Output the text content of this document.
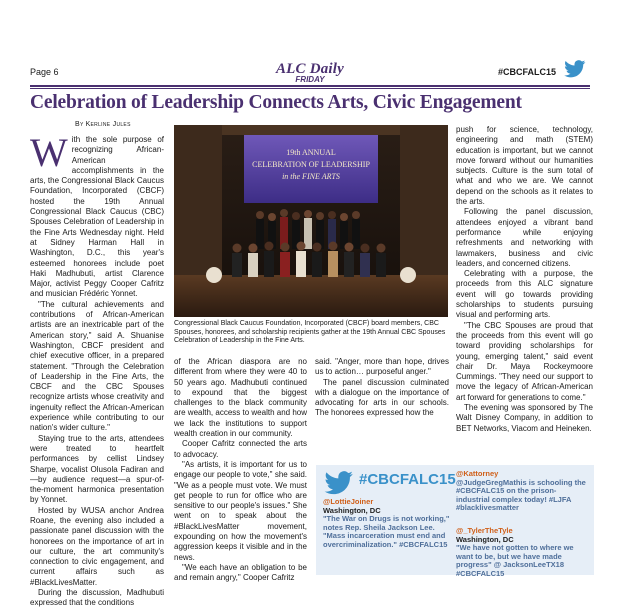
Page 6	ALC Daily
FRIDAY
#CBCFALC15
Celebration of Leadership Connects Arts, Civic Engagement
By Kerline Jules

With the sole purpose of recognizing African-American accomplishments in the arts, the Congressional Black Caucus Foundation, Incorporated (CBCF) hosted the 19th Annual Congressional Black Caucus (CBC) Spouses Celebration of Leadership in the Fine Arts Wednesday night. Held at Sidney Harman Hall in Washington, D.C., this year's esteemed honorees include poet Haki Madhubuti, artist Clarence Major, activist Peggy Cooper Cafritz and musician Frédéric Yonnet.

"The cultural achievements and contributions of African-American artists are an inextricable part of the American story," said A. Shuanise Washington, CBCF president and chief executive officer, in a prepared statement. "Through the Celebration of Leadership in the Fine Arts, the CBCF and the CBC Spouses recognize artists whose creativity and ingenuity reflect the African-American experience while contributing to our nation's wider culture."

Staying true to the arts, attendees were treated to heartfelt performances by cellist Lindsey Sharpe, vocalist Olusola Fadiran and—by audience request—a spur-of-the-moment harmonica presentation by Yonnet.

Hosted by WUSA anchor Andrea Roane, the evening also included a passionate panel discussion with the honorees on the importance of art in our culture, the art community's connection to civic engagement, and current affairs such as #BlackLivesMatter.

During the discussion, Madhubuti expressed that the conditions

19th ANNUAL
CELEBRATION OF LEADERSHIP
in the FINE ARTS
Congressional Black Caucus Foundation, Incorporated (CBCF) board members, CBC Spouses, honorees, and scholarship recipients gather at the 19th Annual CBC Spouses Celebration of Leadership in the Fine Arts.

of the African diaspora are no different from where they were 40 to 50 years ago. Madhubuti continued to expound that the biggest challenges to the black community are wealth, access to wealth and how we lack the institutions to support wealth creation in our community.

Cooper Cafritz connected the arts to advocacy.

"As artists, it is important for us to engage our people to vote," she said. "We as a people must vote. We must get people to run for office who are sensitive to our people's issues." She went on to speak about the #BlackLivesMatter movement, expounding on how the movement's aggression keeps it visible and in the news.

"We each have an obligation to be and remain angry," Cooper Cafritz

said. "Anger, more than hope, drives us to action… purposeful anger."

The panel discussion culminated with a dialogue on the importance of advocating for arts in our schools. The honorees expressed how the

push for science, technology, engineering and math (STEM) education is important, but we cannot move forward without our humanities subjects. Culture is the sum total of what and who we are. We cannot depend on the schools as it relates to the arts.

Following the panel discussion, attendees enjoyed a vibrant band performance while enjoying refreshments and networking with lawmakers, business and civic leaders, and concerned citizens.

Celebrating with a purpose, the proceeds from this ALC signature event will go towards providing scholarships to students pursuing visual and performing arts.

"The CBC Spouses are proud that the proceeds from this event will go toward providing scholarships for young, emerging talent," said event chair Dr. Maya Rockeymoore Cummings. "They need our support to move the legacy of African-American art forward for generations to come."

The evening was sponsored by The Walt Disney Company, in addition to BET Networks, Viacom and Heineken.

#CBCFALC15
@LottieJoiner
Washington, DC
"The War on Drugs is not working," notes Rep. Sheila Jackson Lee. "Mass incarceration must end and overcriminalization." #CBCFALC15
@Kattorney
@JudgeGregMathis is schooling the #CBCFALC15 on the prison-industrial complex today! #LJFA #blacklivesmatter
@_TylerTheTyle
Washington, DC
"We have not gotten to where we want to be, but we have made progress" @ JacksonLeeTX18 #CBCFALC15
